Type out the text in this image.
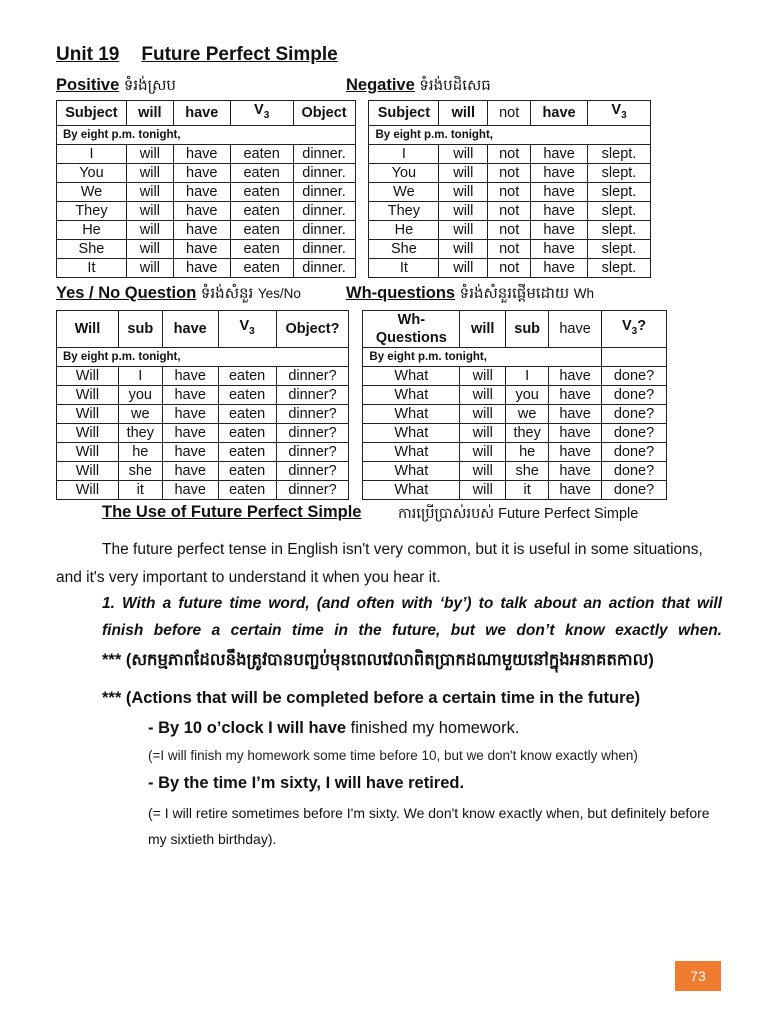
Unit 19 Future Perfect Simple
Positive ទំរង់ស្រប	Negative ទំរង់បដិសេធ
Subject	will	have	$V_3$	Object		Subject	will	not	have	$V_3$
By eight p.m. tonight,						By eight p.m. tonight,				
I	will	have	eaten	dinner.		I	will	not	have	slept.
You	will	have	eaten	dinner.		You	will	not	have	slept.
We	will	have	eaten	dinner.		We	will	not	have	slept.
They	will	have	eaten	dinner.		They	will	not	have	slept.
He	will	have	eaten	dinner.		He	will	not	have	slept.
She	will	have	eaten	dinner.		She	will	not	have	slept.
It	will	have	eaten	dinner.		It	will	not	have	slept.
Yes / No Question ទំរង់សំនួរ Yes/No	Wh-questions ទំរង់សំនួរផ្តើមដោយ Wh
Will	sub	have	$V_3$	Object?		Wh-Questions	will	sub	have	$V_3$?
By eight p.m. tonight,						By eight p.m. tonight,				
Will	I	have	eaten	dinner?		What	will	I	have	done?
Will	you	have	eaten	dinner?		What	will	you	have	done?
Will	we	have	eaten	dinner?		What	will	we	have	done?
Will	they	have	eaten	dinner?		What	will	they	have	done?
Will	he	have	eaten	dinner?		What	will	he	have	done?
Will	she	have	eaten	dinner?		What	will	she	have	done?
Will	it	have	eaten	dinner?		What	will	it	have	done?
The Use of Future Perfect Simple	ការប្រើប្រាស់របស់ Future Perfect Simple
The future perfect tense in English isn't very common, but it is useful in some situations, and it's very important to understand it when you hear it.
1. With a future time word, (and often with ‘by’) to talk about an action that will finish before a certain time in the future, but we don’t know exactly when.
*** (សកម្មភាពដែលនឹងត្រូវបានបញ្ចប់មុនពេលវេលាពិតប្រាកដណាមួយនៅក្នុងអនាគតកាល)
*** (Actions that will be completed before a certain time in the future)
- By 10 o’clock I will have finished my homework.
(=I will finish my homework some time before 10, but we don't know exactly when)
- By the time I’m sixty, I will have retired.
(= I will retire sometimes before I'm sixty. We don't know exactly when, but definitely before my sixtieth birthday).
73
